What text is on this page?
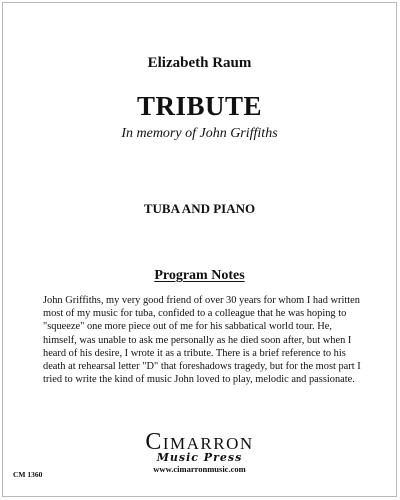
Elizabeth Raum
TRIBUTE
In memory of John Griffiths
TUBA AND PIANO
Program Notes
John Griffiths, my very good friend of over 30 years for whom I had written most of my music for tuba, confided to a colleague that he was hoping to "squeeze" one more piece out of me for his sabbatical world tour. He, himself, was unable to ask me personally as he died soon after, but when I heard of his desire, I wrote it as a tribute. There is a brief reference to his death at rehearsal letter "D" that foreshadows tragedy, but for the most part I tried to write the kind of music John loved to play, melodic and passionate.
CIMARRON
Music Press
www.cimarronmusic.com
CM 1360
